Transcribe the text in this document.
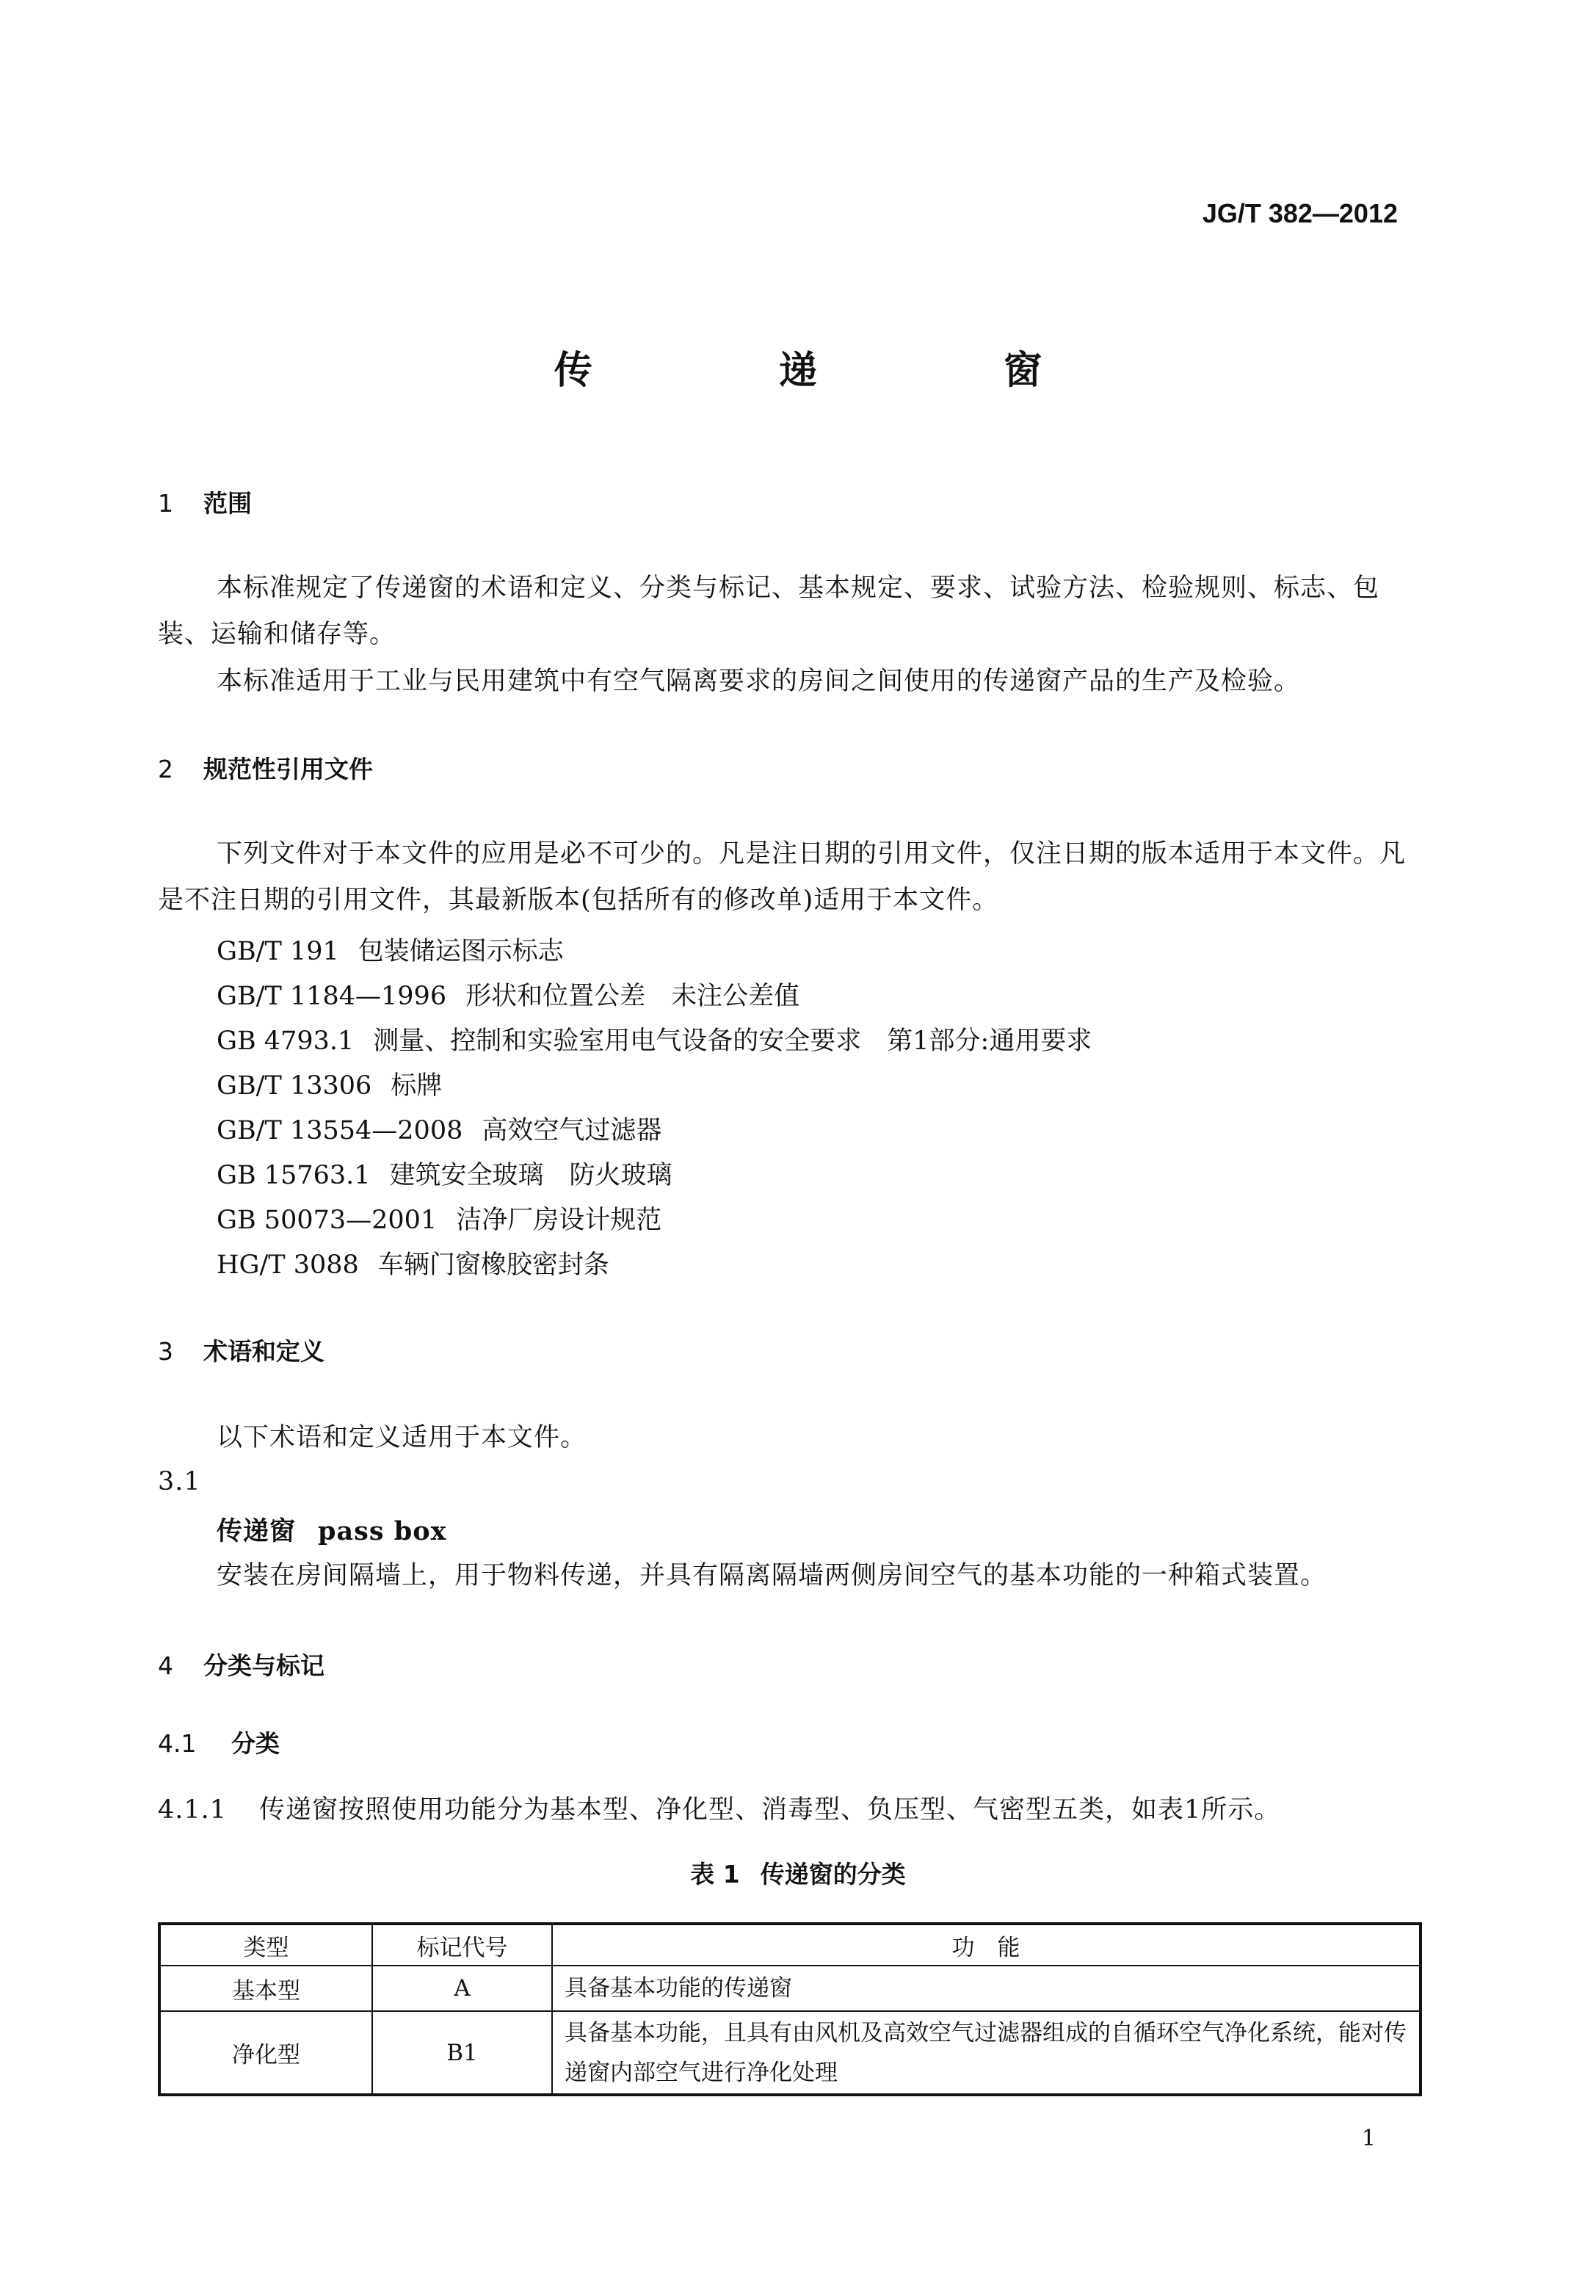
JG/T 382—2012
传 递 窗
1 范围
本标准规定了传递窗的术语和定义、分类与标记、基本规定、要求、试验方法、检验规则、标志、包装、运输和储存等。
本标准适用于工业与民用建筑中有空气隔离要求的房间之间使用的传递窗产品的生产及检验。
2 规范性引用文件
下列文件对于本文件的应用是必不可少的。凡是注日期的引用文件，仅注日期的版本适用于本文件。凡是不注日期的引用文件，其最新版本(包括所有的修改单)适用于本文件。
GB/T 191 包装储运图示标志
GB/T 1184—1996 形状和位置公差　未注公差值
GB 4793.1 测量、控制和实验室用电气设备的安全要求　第1部分:通用要求
GB/T 13306 标牌
GB/T 13554—2008 高效空气过滤器
GB 15763.1 建筑安全玻璃　防火玻璃
GB 50073—2001 洁净厂房设计规范
HG/T 3088 车辆门窗橡胶密封条
3 术语和定义
以下术语和定义适用于本文件。
3.1
传递窗 pass box
安装在房间隔墙上，用于物料传递，并具有隔离隔墙两侧房间空气的基本功能的一种箱式装置。
4 分类与标记
4.1 分类
4.1.1 传递窗按照使用功能分为基本型、净化型、消毒型、负压型、气密型五类，如表1所示。
表 1 传递窗的分类
类型	标记代号	功　能
基本型	A	具备基本功能的传递窗
净化型	B1	具备基本功能，且具有由风机及高效空气过滤器组成的自循环空气净化系统，能对传递窗内部空气进行净化处理
1
